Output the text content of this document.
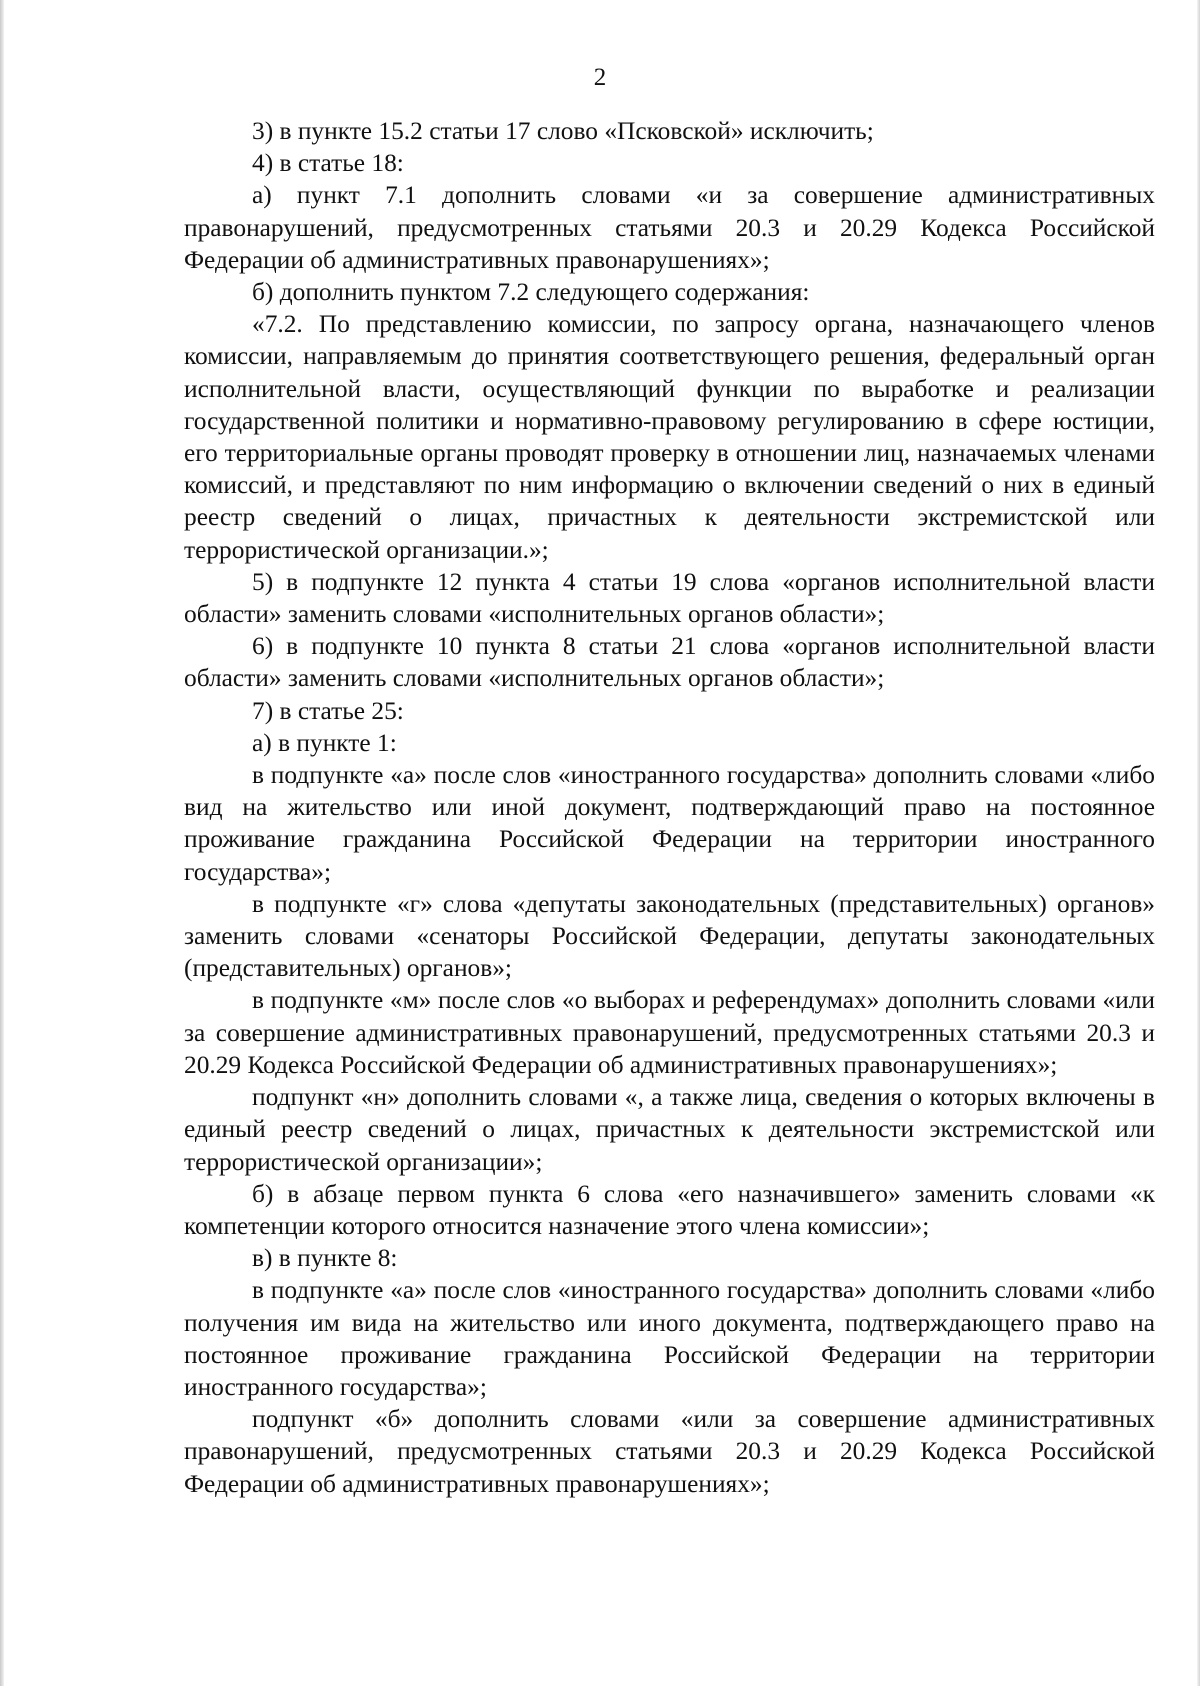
2

3) в пункте 15.2 статьи 17 слово «Псковской» исключить;

4) в статье 18:

а) пункт 7.1 дополнить словами «и за совершение административных правонарушений, предусмотренных статьями 20.3 и 20.29 Кодекса Российской Федерации об административных правонарушениях»;

б) дополнить пунктом 7.2 следующего содержания:

«7.2. По представлению комиссии, по запросу органа, назначающего членов комиссии, направляемым до принятия соответствующего решения, федеральный орган исполнительной власти, осуществляющий функции по выработке и реализации государственной политики и нормативно-правовому регулированию в сфере юстиции, его территориальные органы проводят проверку в отношении лиц, назначаемых членами комиссий, и представляют по ним информацию о включении сведений о них в единый реестр сведений о лицах, причастных к деятельности экстремистской или террористической организации.»;

5) в подпункте 12 пункта 4 статьи 19 слова «органов исполнительной власти области» заменить словами «исполнительных органов области»;

6) в подпункте 10 пункта 8 статьи 21 слова «органов исполнительной власти области» заменить словами «исполнительных органов области»;

7) в статье 25:

а) в пункте 1:

в подпункте «а» после слов «иностранного государства» дополнить словами «либо вид на жительство или иной документ, подтверждающий право на постоянное проживание гражданина Российской Федерации на территории иностранного государства»;

в подпункте «г» слова «депутаты законодательных (представительных) органов» заменить словами «сенаторы Российской Федерации, депутаты законодательных (представительных) органов»;

в подпункте «м» после слов «о выборах и референдумах» дополнить словами «или за совершение административных правонарушений, предусмотренных статьями 20.3 и 20.29 Кодекса Российской Федерации об административных правонарушениях»;

подпункт «н» дополнить словами «, а также лица, сведения о которых включены в единый реестр сведений о лицах, причастных к деятельности экстремистской или террористической организации»;

б) в абзаце первом пункта 6 слова «его назначившего» заменить словами «к компетенции которого относится назначение этого члена комиссии»;

в) в пункте 8:

в подпункте «а» после слов «иностранного государства» дополнить словами «либо получения им вида на жительство или иного документа, подтверждающего право на постоянное проживание гражданина Российской Федерации на территории иностранного государства»;

подпункт «б» дополнить словами «или за совершение административных правонарушений, предусмотренных статьями 20.3 и 20.29 Кодекса Российской Федерации об административных правонарушениях»;
